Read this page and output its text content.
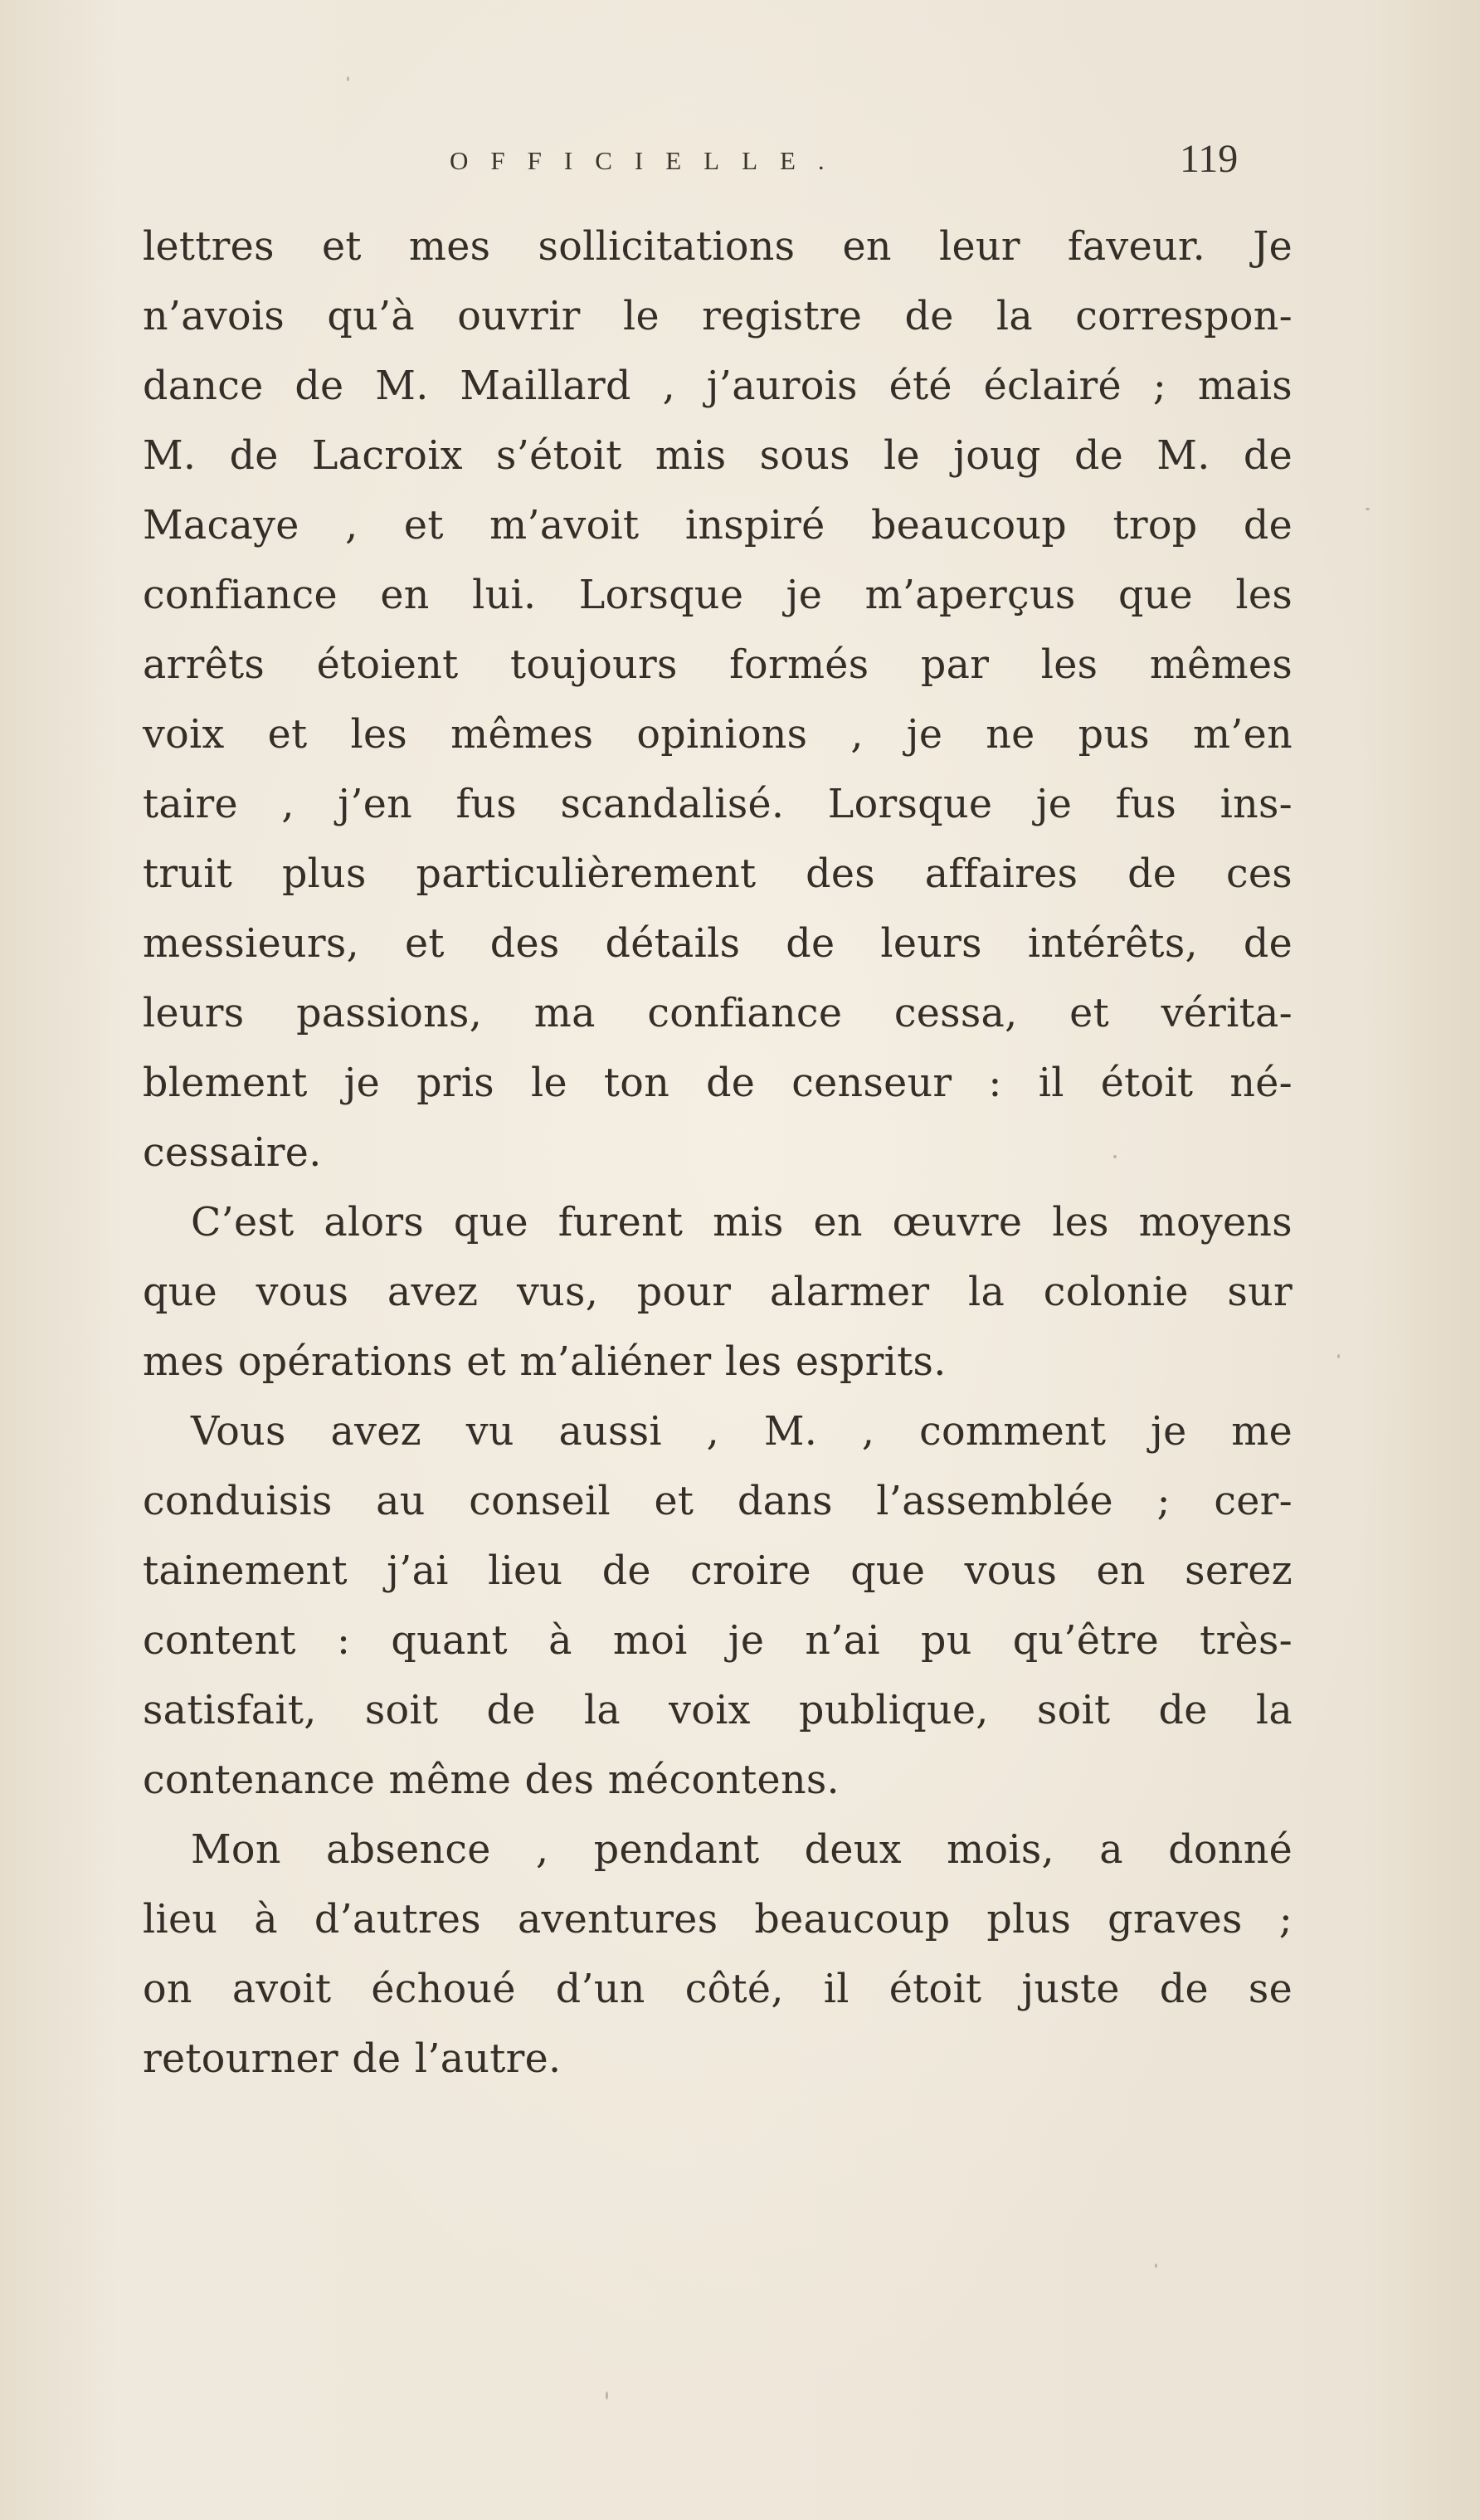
OFFICIELLE.	119
lettres et mes sollicitations en leur faveur. Je
n’avois qu’à ouvrir le registre de la correspon-
dance de M. Maillard , j’aurois été éclairé ; mais
M. de Lacroix s’étoit mis sous le joug de M. de
Macaye , et m’avoit inspiré beaucoup trop de
confiance en lui. Lorsque je m’aperçus que les
arrêts étoient toujours formés par les mêmes
voix et les mêmes opinions , je ne pus m’en
taire , j’en fus scandalisé. Lorsque je fus ins-
truit plus particulièrement des affaires de ces
messieurs, et des détails de leurs intérêts, de
leurs passions, ma confiance cessa, et vérita-
blement je pris le ton de censeur : il étoit né-
cessaire.
C’est alors que furent mis en œuvre les moyens
que vous avez vus, pour alarmer la colonie sur
mes opérations et m’aliéner les esprits.
Vous avez vu aussi , M. , comment je me
conduisis au conseil et dans l’assemblée ; cer-
tainement j’ai lieu de croire que vous en serez
content : quant à moi je n’ai pu qu’être très-
satisfait, soit de la voix publique, soit de la
contenance même des mécontens.
Mon absence , pendant deux mois, a donné
lieu à d’autres aventures beaucoup plus graves ;
on avoit échoué d’un côté, il étoit juste de se
retourner de l’autre.
